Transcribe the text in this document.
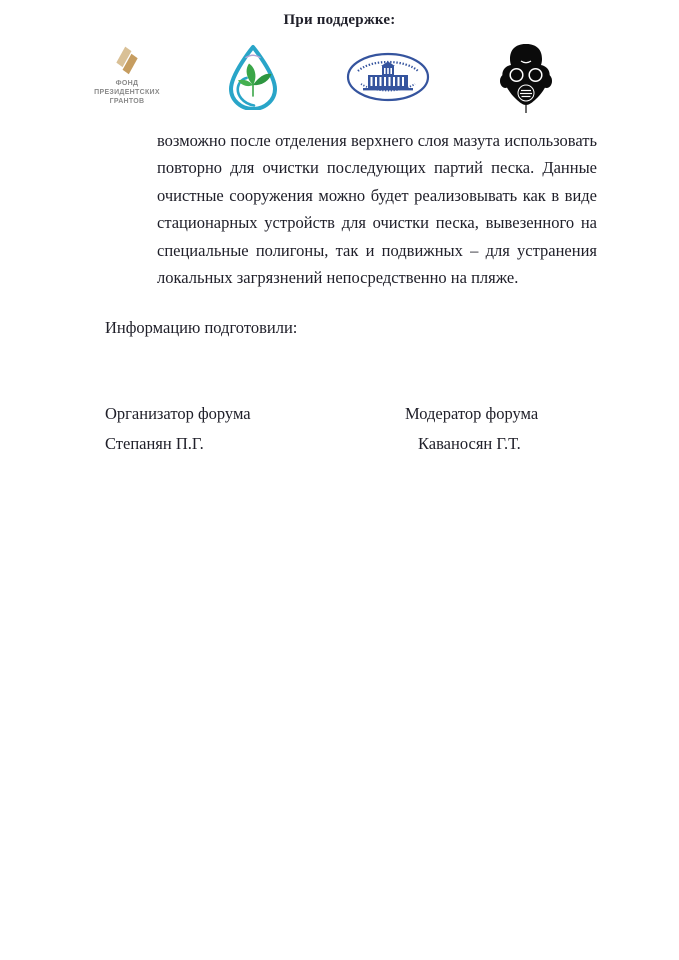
При поддержке:
ФОНД
ПРЕЗИДЕНТСКИХ
ГРАНТОВ
возможно после отделения верхнего слоя мазута использовать повторно для очистки последующих партий песка. Данные очистные сооружения можно будет реализовывать как в виде стационарных устройств для очистки песка, вывезенного на специальные полигоны, так и подвижных – для устранения локальных загрязнений непосредственно на пляже.
Информацию подготовили:
Организатор форума	Модератор форума
Степанян П.Г.	Каваносян Г.Т.
